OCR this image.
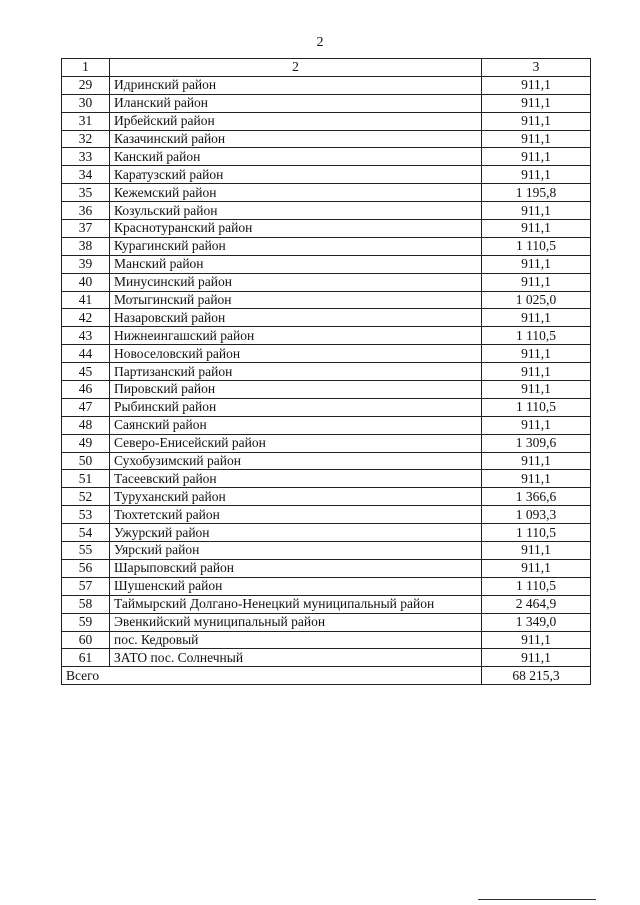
2
1	2	3
29	Идринский район	911,1
30	Иланский район	911,1
31	Ирбейский район	911,1
32	Казачинский район	911,1
33	Канский район	911,1
34	Каратузский район	911,1
35	Кежемский район	1 195,8
36	Козульский район	911,1
37	Краснотуранский район	911,1
38	Курагинский район	1 110,5
39	Манский район	911,1
40	Минусинский район	911,1
41	Мотыгинский район	1 025,0
42	Назаровский район	911,1
43	Нижнеингашский район	1 110,5
44	Новоселовский район	911,1
45	Партизанский район	911,1
46	Пировский район	911,1
47	Рыбинский район	1 110,5
48	Саянский район	911,1
49	Северо-Енисейский район	1 309,6
50	Сухобузимский район	911,1
51	Тасеевский район	911,1
52	Туруханский район	1 366,6
53	Тюхтетский район	1 093,3
54	Ужурский район	1 110,5
55	Уярский район	911,1
56	Шарыповский район	911,1
57	Шушенский район	1 110,5
58	Таймырский Долгано-Ненецкий муниципальный район	2 464,9
59	Эвенкийский муниципальный район	1 349,0
60	пос. Кедровый	911,1
61	ЗАТО пос. Солнечный	911,1
Всего		68 215,3
